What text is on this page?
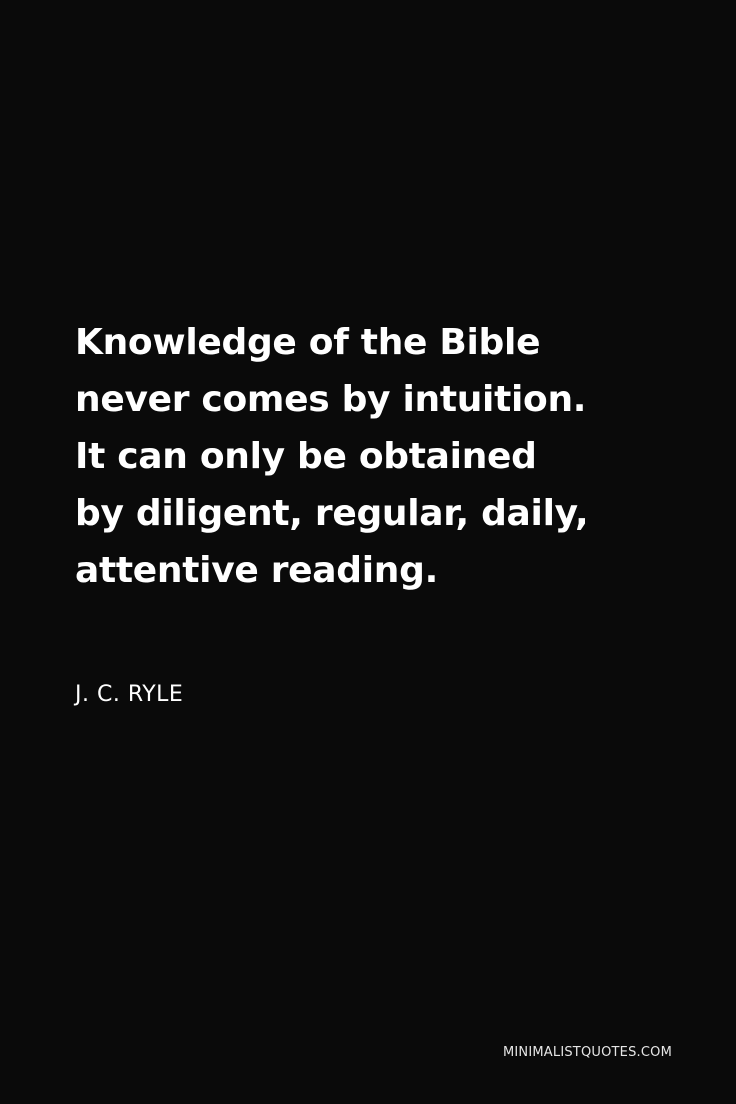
Knowledge of the Bible
never comes by intuition.
It can only be obtained
by diligent, regular, daily,
attentive reading.

J. C. RYLE

MINIMALISTQUOTES.COM
